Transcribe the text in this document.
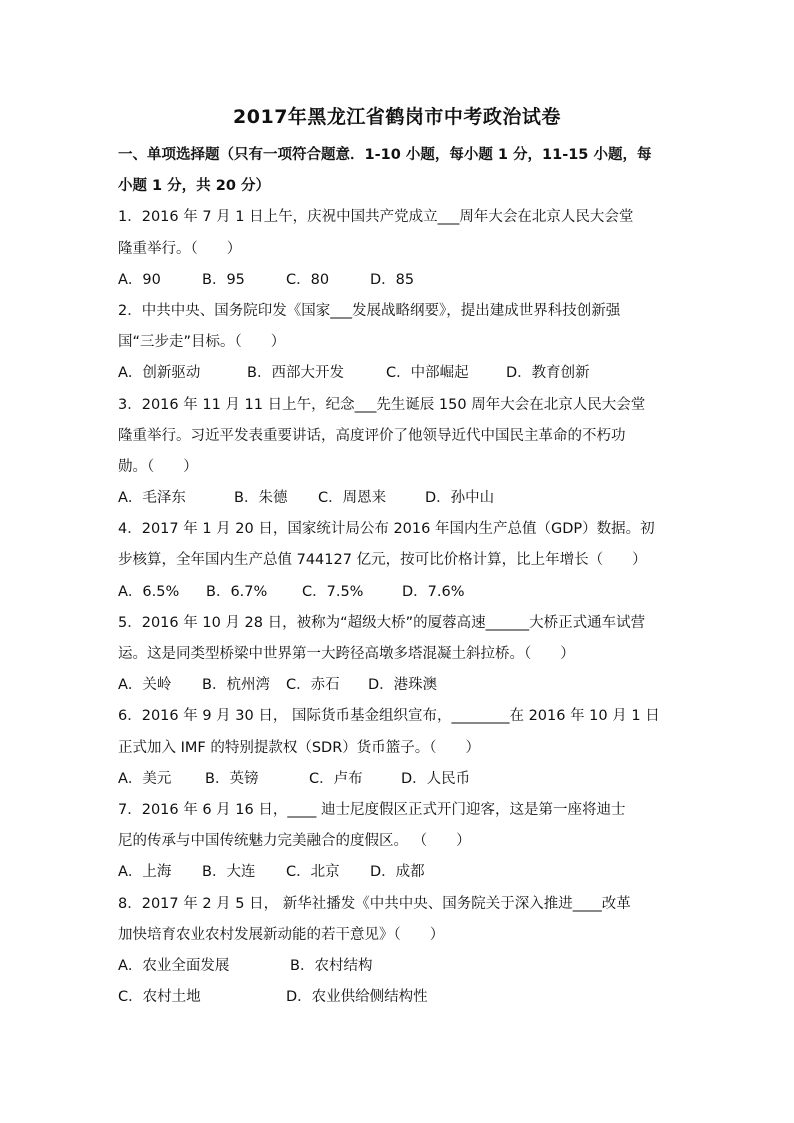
2017年黑龙江省鹤岗市中考政治试卷
一、单项选择题（只有一项符合题意．1-10 小题，每小题 1 分，11-15 小题，每
小题 1 分，共 20 分）
1．2016 年 7 月 1 日上午，庆祝中国共产党成立___周年大会在北京人民大会堂
隆重举行。（　　）
A．90	B．95	C．80	D．85
2．中共中央、国务院印发《国家___发展战略纲要》，提出建成世界科技创新强
国“三步走”目标。（　　）
A．创新驱动	B．西部大开发	C．中部崛起	D．教育创新
3．2016 年 11 月 11 日上午，纪念___先生诞辰 150 周年大会在北京人民大会堂
隆重举行。习近平发表重要讲话，高度评价了他领导近代中国民主革命的不朽功
勋。（　　）
A．毛泽东	B．朱德	C．周恩来	D．孙中山
4．2017 年 1 月 20 日，国家统计局公布 2016 年国内生产总值（GDP）数据。初
步核算，全年国内生产总值 744127 亿元，按可比价格计算，比上年增长（　　）
A．6.5%	B．6.7%	C．7.5%	D．7.6%
5．2016 年 10 月 28 日，被称为“超级大桥”的厦蓉高速______大桥正式通车试营
运。这是同类型桥梁中世界第一大跨径高墩多塔混凝土斜拉桥。（　　）
A．关岭	B．杭州湾	C．赤石	D．港珠澳
6．2016 年 9 月 30 日， 国际货币基金组织宣布，________在 2016 年 10 月 1 日
正式加入 IMF 的特别提款权（SDR）货币篮子。（　　）
A．美元	B．英镑	C．卢布	D．人民币
7．2016 年 6 月 16 日，____ 迪士尼度假区正式开门迎客，这是第一座将迪士
尼的传承与中国传统魅力完美融合的度假区。 （　　）
A．上海	B．大连	C．北京	D．成都
8．2017 年 2 月 5 日， 新华社播发《中共中央、国务院关于深入推进____改革
加快培育农业农村发展新动能的若干意见》（　　）
A．农业全面发展	B．农村结构
C．农村土地	D．农业供给侧结构性
